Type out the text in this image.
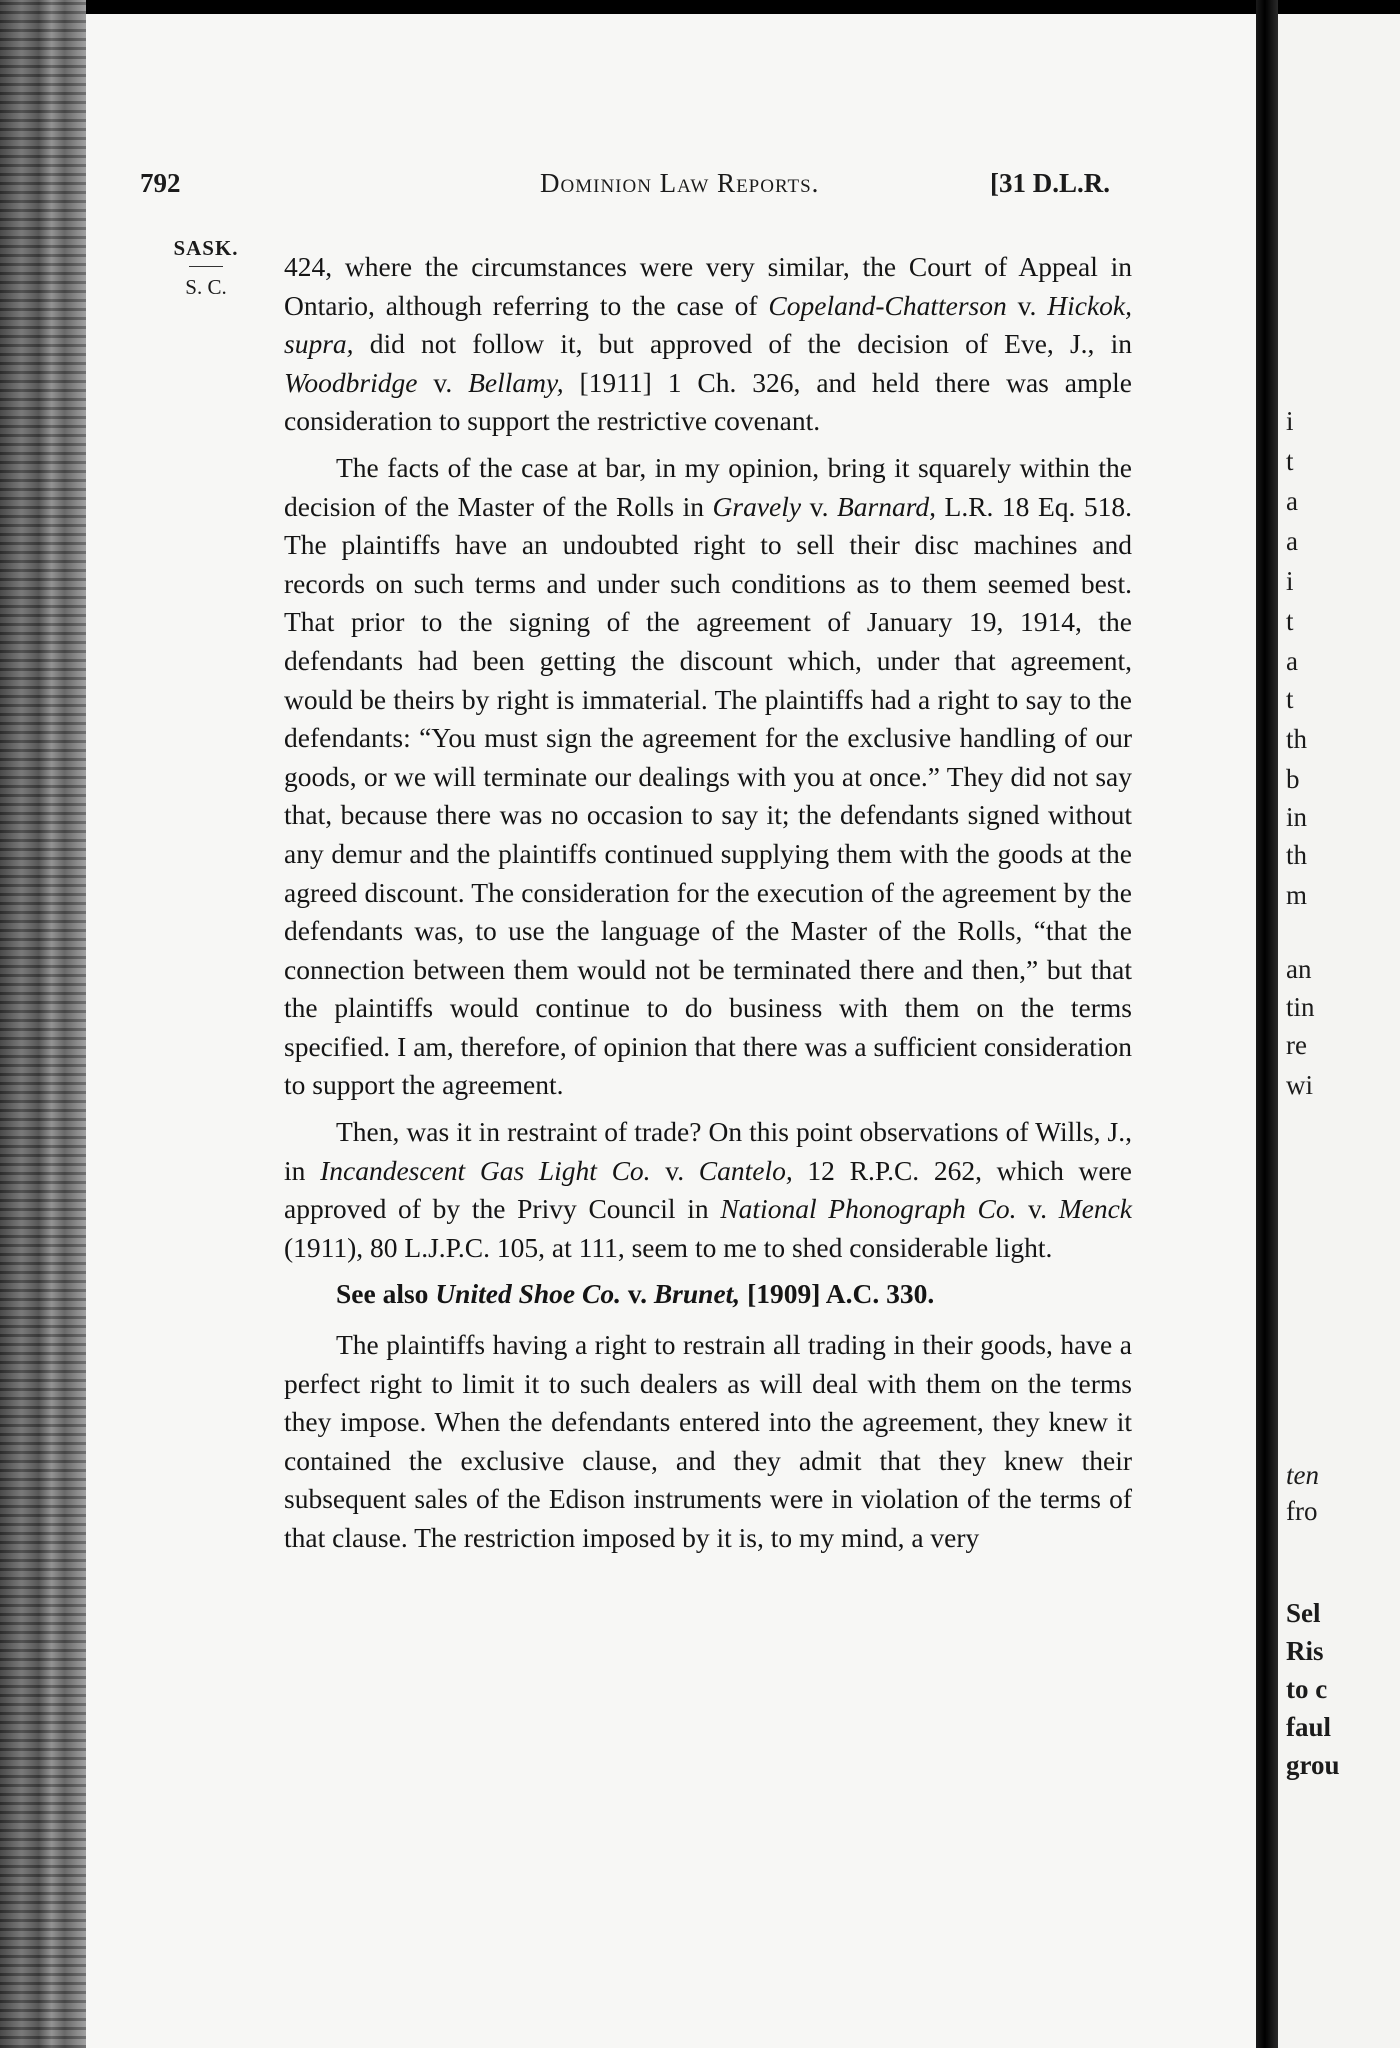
i
t
a
a
i
t
a
t
th
b
in
th
m
an
tin
re
wi
ten
fro
Sel
Ris
to c
faul
grou
792	Dominion Law Reports.	[31 D.L.R.
SASK.
S. C.

424, where the circumstances were very similar, the Court of Appeal in Ontario, although referring to the case of Copeland-Chatterson v. Hickok, supra, did not follow it, but approved of the decision of Eve, J., in Woodbridge v. Bellamy, [1911] 1 Ch. 326, and held there was ample consideration to support the restrictive covenant.

The facts of the case at bar, in my opinion, bring it squarely within the decision of the Master of the Rolls in Gravely v. Barnard, L.R. 18 Eq. 518. The plaintiffs have an undoubted right to sell their disc machines and records on such terms and under such conditions as to them seemed best. That prior to the signing of the agreement of January 19, 1914, the defendants had been getting the discount which, under that agreement, would be theirs by right is immaterial. The plaintiffs had a right to say to the defendants: “You must sign the agreement for the exclusive handling of our goods, or we will terminate our dealings with you at once.” They did not say that, because there was no occasion to say it; the defendants signed without any demur and the plaintiffs continued supplying them with the goods at the agreed discount. The consideration for the execution of the agreement by the defendants was, to use the language of the Master of the Rolls, “that the connection between them would not be terminated there and then,” but that the plaintiffs would continue to do business with them on the terms specified. I am, therefore, of opinion that there was a sufficient consideration to support the agreement.

Then, was it in restraint of trade? On this point observations of Wills, J., in Incandescent Gas Light Co. v. Cantelo, 12 R.P.C. 262, which were approved of by the Privy Council in National Phonograph Co. v. Menck (1911), 80 L.J.P.C. 105, at 111, seem to me to shed considerable light.

See also United Shoe Co. v. Brunet, [1909] A.C. 330.

The plaintiffs having a right to restrain all trading in their goods, have a perfect right to limit it to such dealers as will deal with them on the terms they impose. When the defendants entered into the agreement, they knew it contained the exclusive clause, and they admit that they knew their subsequent sales of the Edison instruments were in violation of the terms of that clause. The restriction imposed by it is, to my mind, a very
